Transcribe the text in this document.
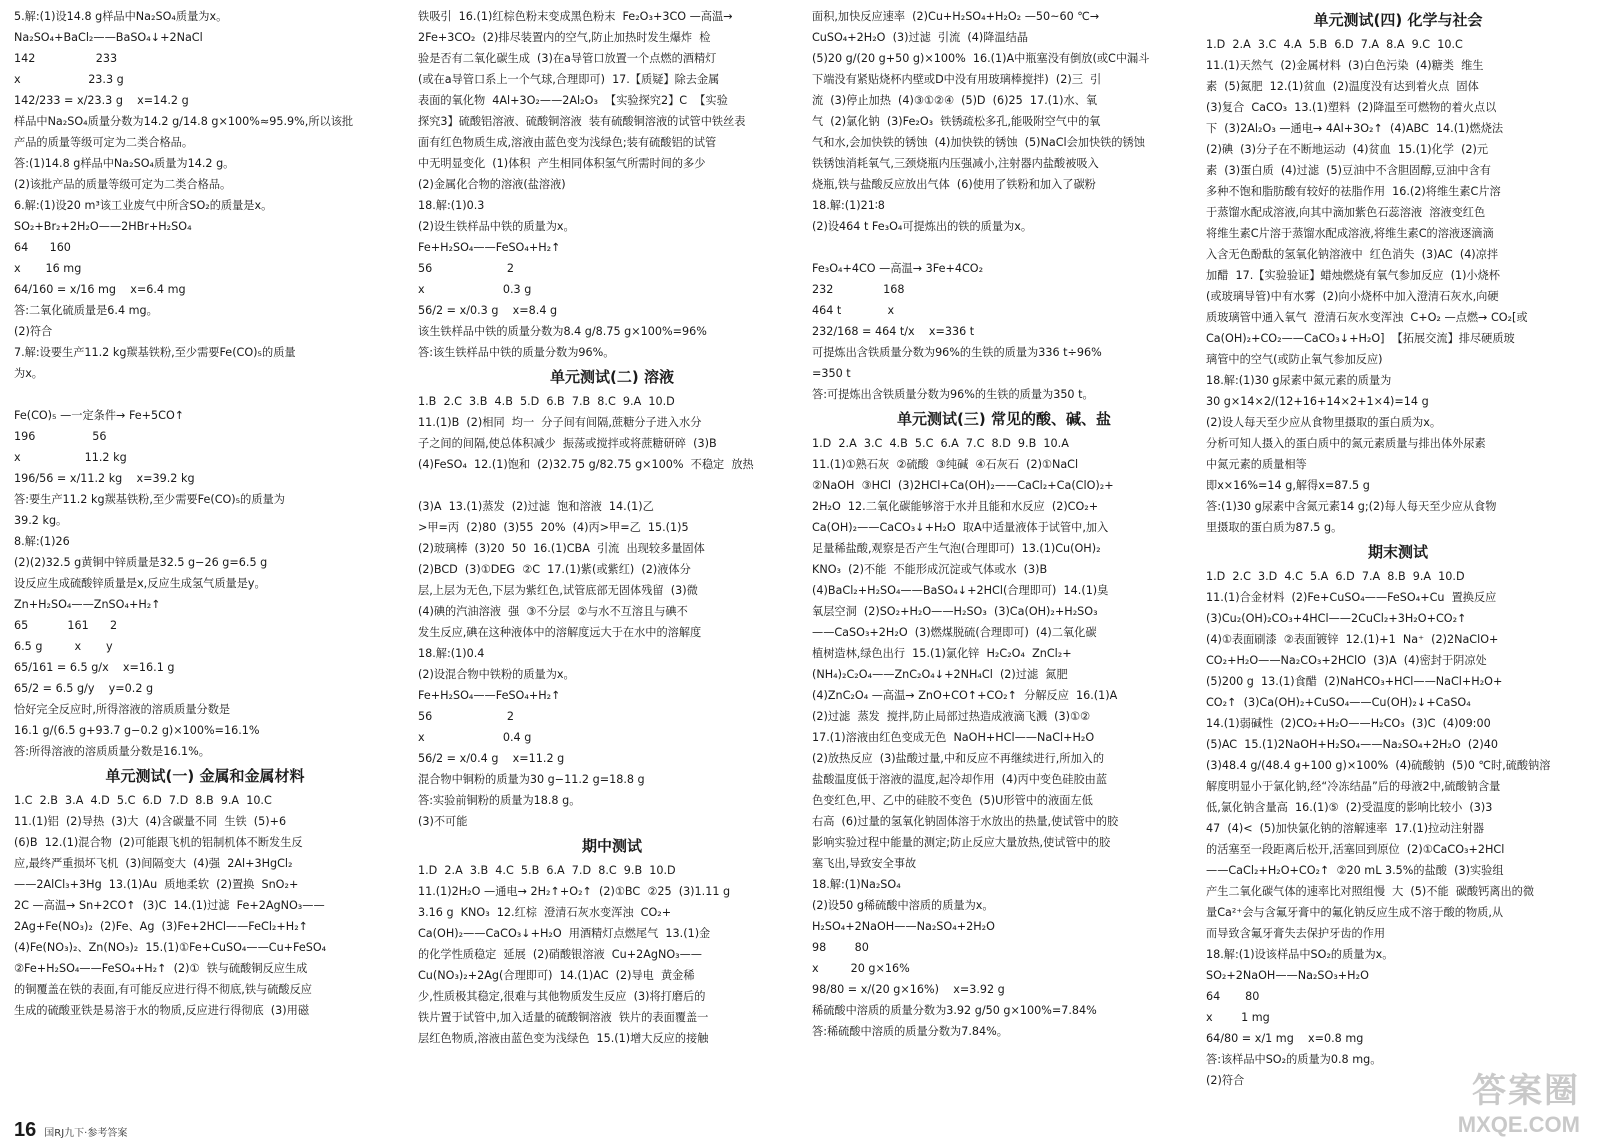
5.解:(1)设14.8 g样品中Na₂SO₄质量为x。
Na₂SO₄+BaCl₂——BaSO₄↓+2NaCl
142                 233
x                   23.3 g
142/233 = x/23.3 g    x=14.2 g
样品中Na₂SO₄质量分数为14.2 g/14.8 g×100%≈95.9%,所以该批
产品的质量等级可定为二类合格品。
答:(1)14.8 g样品中Na₂SO₄质量为14.2 g。
(2)该批产品的质量等级可定为二类合格品。
6.解:(1)设20 m³该工业废气中所含SO₂的质量是x。
SO₂+Br₂+2H₂O——2HBr+H₂SO₄
64      160
x       16 mg
64/160 = x/16 mg    x=6.4 mg
答:二氧化硫质量是6.4 mg。
(2)符合
7.解:设要生产11.2 kg羰基铁粉,至少需要Fe(CO)₅的质量
为x。

Fe(CO)₅ —一定条件→ Fe+5CO↑
196                56
x                  11.2 kg
196/56 = x/11.2 kg    x=39.2 kg
答:要生产11.2 kg羰基铁粉,至少需要Fe(CO)₅的质量为
39.2 kg。
8.解:(1)26
(2)(2)32.5 g黄铜中锌质量是32.5 g−26 g=6.5 g
设反应生成硫酸锌质量是x,反应生成氢气质量是y。
Zn+H₂SO₄——ZnSO₄+H₂↑
65           161      2
6.5 g         x       y
65/161 = 6.5 g/x    x=16.1 g
65/2 = 6.5 g/y    y=0.2 g
恰好完全反应时,所得溶液的溶质质量分数是
16.1 g/(6.5 g+93.7 g−0.2 g)×100%=16.1%
答:所得溶液的溶质质量分数是16.1%。
单元测试(一) 金属和金属材料
1.C  2.B  3.A  4.D  5.C  6.D  7.D  8.B  9.A  10.C
11.(1)铝  (2)导热  (3)大  (4)含碳量不同  生铁  (5)+6
(6)B  12.(1)混合物  (2)可能跟飞机的铝制机体不断发生反
应,最终严重损坏飞机  (3)间隔变大  (4)强  2Al+3HgCl₂
——2AlCl₃+3Hg  13.(1)Au  质地柔软  (2)置换  SnO₂+
2C —高温→ Sn+2CO↑  (3)C  14.(1)过滤  Fe+2AgNO₃——
2Ag+Fe(NO₃)₂  (2)Fe、Ag  (3)Fe+2HCl——FeCl₂+H₂↑
(4)Fe(NO₃)₂、Zn(NO₃)₂  15.(1)①Fe+CuSO₄——Cu+FeSO₄
②Fe+H₂SO₄——FeSO₄+H₂↑  (2)①  铁与硫酸铜反应生成
的铜覆盖在铁的表面,有可能反应进行得不彻底,铁与硫酸反应
生成的硫酸亚铁是易溶于水的物质,反应进行得彻底  (3)用磁
铁吸引  16.(1)红棕色粉末变成黑色粉末  Fe₂O₃+3CO —高温→
2Fe+3CO₂  (2)排尽装置内的空气,防止加热时发生爆炸  检
验是否有二氧化碳生成  (3)在a导管口放置一个点燃的酒精灯
(或在a导管口系上一个气球,合理即可)  17.【质疑】除去金属
表面的氧化物  4Al+3O₂——2Al₂O₃  【实验探究2】C  【实验
探究3】硫酸铝溶液、硫酸铜溶液  装有硫酸铜溶液的试管中铁丝表
面有红色物质生成,溶液由蓝色变为浅绿色;装有硫酸铝的试管
中无明显变化  (1)体积  产生相同体积氢气所需时间的多少
(2)金属化合物的溶液(盐溶液)
18.解:(1)0.3
(2)设生铁样品中铁的质量为x。
Fe+H₂SO₄——FeSO₄+H₂↑
56                     2
x                      0.3 g
56/2 = x/0.3 g    x=8.4 g
该生铁样品中铁的质量分数为8.4 g/8.75 g×100%=96%
答:该生铁样品中铁的质量分数为96%。
单元测试(二) 溶液
1.B  2.C  3.B  4.B  5.D  6.B  7.B  8.C  9.A  10.D
11.(1)B  (2)相同  均一  分子间有间隔,蔗糖分子进入水分
子之间的间隔,使总体积减少  振荡或搅拌或将蔗糖研碎  (3)B
(4)FeSO₄  12.(1)饱和  (2)32.75 g/82.75 g×100%  不稳定  放热

(3)A  13.(1)蒸发  (2)过滤  饱和溶液  14.(1)乙
>甲=丙  (2)80  (3)55  20%  (4)丙>甲=乙  15.(1)5
(2)玻璃棒  (3)20  50  16.(1)CBA  引流  出现较多量固体
(2)BCD  (3)①DEG  ②C  17.(1)紫(或紫红)  (2)液体分
层,上层为无色,下层为紫红色,试管底部无固体残留  (3)微
(4)碘的汽油溶液  强  ③不分层  ②与水不互溶且与碘不
发生反应,碘在这种液体中的溶解度远大于在水中的溶解度
18.解:(1)0.4
(2)设混合物中铁粉的质量为x。
Fe+H₂SO₄——FeSO₄+H₂↑
56                     2
x                      0.4 g
56/2 = x/0.4 g    x=11.2 g
混合物中铜粉的质量为30 g−11.2 g=18.8 g
答:实验前铜粉的质量为18.8 g。
(3)不可能
期中测试
1.D  2.A  3.B  4.C  5.B  6.A  7.D  8.C  9.B  10.D
11.(1)2H₂O —通电→ 2H₂↑+O₂↑  (2)①BC  ②25  (3)1.11 g
3.16 g  KNO₃  12.红棕  澄清石灰水变浑浊  CO₂+
Ca(OH)₂——CaCO₃↓+H₂O  用酒精灯点燃尾气  13.(1)金
的化学性质稳定  延展  (2)硝酸银溶液  Cu+2AgNO₃——
Cu(NO₃)₂+2Ag(合理即可)  14.(1)AC  (2)导电  黄金稀
少,性质极其稳定,很难与其他物质发生反应  (3)将打磨后的
铁片置于试管中,加入适量的硫酸铜溶液  铁片的表面覆盖一
层红色物质,溶液由蓝色变为浅绿色  15.(1)增大反应的接触
面积,加快反应速率  (2)Cu+H₂SO₄+H₂O₂ —50~60 ℃→
CuSO₄+2H₂O  (3)过滤  引流  (4)降温结晶
(5)20 g/(20 g+50 g)×100%  16.(1)A中瓶塞没有倒放(或C中漏斗
下端没有紧贴烧杯内壁或D中没有用玻璃棒搅拌)  (2)三  引
流  (3)停止加热  (4)③①②④  (5)D  (6)25  17.(1)水、氧
气  (2)氯化钠  (3)Fe₂O₃  铁锈疏松多孔,能吸附空气中的氧
气和水,会加快铁的锈蚀  (4)加快铁的锈蚀  (5)NaCl会加快铁的锈蚀
铁锈蚀消耗氧气,三颈烧瓶内压强减小,注射器内盐酸被吸入
烧瓶,铁与盐酸反应放出气体  (6)使用了铁粉和加入了碳粉
18.解:(1)21∶8
(2)设464 t Fe₃O₄可提炼出的铁的质量为x。

Fe₃O₄+4CO —高温→ 3Fe+4CO₂
232              168
464 t             x
232/168 = 464 t/x    x=336 t
可提炼出含铁质量分数为96%的生铁的质量为336 t÷96%
=350 t
答:可提炼出含铁质量分数为96%的生铁的质量为350 t。
单元测试(三) 常见的酸、碱、盐
1.D  2.A  3.C  4.B  5.C  6.A  7.C  8.D  9.B  10.A
11.(1)①熟石灰  ②硫酸  ③纯碱  ④石灰石  (2)①NaCl
②NaOH  ③HCl  (3)2HCl+Ca(OH)₂——CaCl₂+Ca(ClO)₂+
2H₂O  12.二氧化碳能够溶于水并且能和水反应  (2)CO₂+
Ca(OH)₂——CaCO₃↓+H₂O  取A中适量液体于试管中,加入
足量稀盐酸,观察是否产生气泡(合理即可)  13.(1)Cu(OH)₂
KNO₃  (2)不能  不能形成沉淀或气体或水  (3)B
(4)BaCl₂+H₂SO₄——BaSO₄↓+2HCl(合理即可)  14.(1)臭
氧层空洞  (2)SO₂+H₂O——H₂SO₃  (3)Ca(OH)₂+H₂SO₃
——CaSO₃+2H₂O  (3)燃煤脱硫(合理即可)  (4)二氧化碳
植树造林,绿色出行  15.(1)氯化锌  H₂C₂O₄  ZnCl₂+
(NH₄)₂C₂O₄——ZnC₂O₄↓+2NH₄Cl  (2)过滤  氮肥
(4)ZnC₂O₄ —高温→ ZnO+CO↑+CO₂↑  分解反应  16.(1)A
(2)过滤  蒸发  搅拌,防止局部过热造成液滴飞溅  (3)①②
17.(1)溶液由红色变成无色  NaOH+HCl——NaCl+H₂O
(2)放热反应  (3)盐酸过量,中和反应不再继续进行,所加入的
盐酸温度低于溶液的温度,起冷却作用  (4)丙中变色硅胶由蓝
色变红色,甲、乙中的硅胶不变色  (5)U形管中的液面左低
右高  (6)过量的氢氧化钠固体溶于水放出的热量,使试管中的胶
影响实验过程中能量的测定;防止反应大量放热,使试管中的胶
塞飞出,导致安全事故
18.解:(1)Na₂SO₄
(2)设50 g稀硫酸中溶质的质量为x。
H₂SO₄+2NaOH——Na₂SO₄+2H₂O
98        80
x         20 g×16%
98/80 = x/(20 g×16%)    x=3.92 g
稀硫酸中溶质的质量分数为3.92 g/50 g×100%=7.84%
答:稀硫酸中溶质的质量分数为7.84%。
单元测试(四) 化学与社会
1.D  2.A  3.C  4.A  5.B  6.D  7.A  8.A  9.C  10.C
11.(1)天然气  (2)金属材料  (3)白色污染  (4)糖类  维生
素  (5)氮肥  12.(1)贫血  (2)温度没有达到着火点  固体
(3)复合  CaCO₃  13.(1)塑料  (2)降温至可燃物的着火点以
下  (3)2Al₂O₃ —通电→ 4Al+3O₂↑  (4)ABC  14.(1)燃烧法
(2)碘  (3)分子在不断地运动  (4)贫血  15.(1)化学  (2)元
素  (3)蛋白质  (4)过滤  (5)豆油中不含胆固醇,豆油中含有
多种不饱和脂肪酸有较好的祛脂作用  16.(2)将维生素C片溶
于蒸馏水配成溶液,向其中滴加紫色石蕊溶液  溶液变红色
将维生素C片溶于蒸馏水配成溶液,将维生素C的溶液逐滴滴
入含无色酚酞的氢氧化钠溶液中  红色消失  (3)AC  (4)凉拌
加醋  17.【实验验证】蜡烛燃烧有氧气参加反应  (1)小烧杯
(或玻璃导管)中有水雾  (2)向小烧杯中加入澄清石灰水,向硬
质玻璃管中通入氧气  澄清石灰水变浑浊  C+O₂ —点燃→ CO₂[或
Ca(OH)₂+CO₂——CaCO₃↓+H₂O]  【拓展交流】排尽硬质玻
璃管中的空气(或防止氧气参加反应)
18.解:(1)30 g尿素中氮元素的质量为
30 g×14×2/(12+16+14×2+1×4)=14 g
(2)设人每天至少应从食物里摄取的蛋白质为x。
分析可知人摄入的蛋白质中的氮元素质量与排出体外尿素
中氮元素的质量相等
即x×16%=14 g,解得x=87.5 g
答:(1)30 g尿素中含氮元素14 g;(2)每人每天至少应从食物
里摄取的蛋白质为87.5 g。
期末测试
1.D  2.C  3.D  4.C  5.A  6.D  7.A  8.B  9.A  10.D
11.(1)合金材料  (2)Fe+CuSO₄——FeSO₄+Cu  置换反应
(3)Cu₂(OH)₂CO₃+4HCl——2CuCl₂+3H₂O+CO₂↑
(4)①表面刷漆  ②表面镀锌  12.(1)+1  Na⁺  (2)2NaClO+
CO₂+H₂O——Na₂CO₃+2HClO  (3)A  (4)密封于阴凉处
(5)200 g  13.(1)食醋  (2)NaHCO₃+HCl——NaCl+H₂O+
CO₂↑  (3)Ca(OH)₂+CuSO₄——Cu(OH)₂↓+CaSO₄
14.(1)弱碱性  (2)CO₂+H₂O——H₂CO₃  (3)C  (4)09:00
(5)AC  15.(1)2NaOH+H₂SO₄——Na₂SO₄+2H₂O  (2)40
(3)48.4 g/(48.4 g+100 g)×100%  (4)硫酸钠  (5)0 ℃时,硫酸钠溶
解度明显小于氯化钠,经“冷冻结晶”后的母液2中,硫酸钠含量
低,氯化钠含量高  16.(1)⑤  (2)受温度的影响比较小  (3)3
47  (4)<  (5)加快氯化钠的溶解速率  17.(1)拉动注射器
的活塞至一段距离后松开,活塞回到原位  (2)①CaCO₃+2HCl
——CaCl₂+H₂O+CO₂↑  ②20 mL 3.5%的盐酸  (3)实验组
产生二氧化碳气体的速率比对照组慢  大  (5)不能  碳酸钙离出的微
量Ca²⁺会与含氟牙膏中的氟化钠反应生成不溶于酸的物质,从
而导致含氟牙膏失去保护牙齿的作用
18.解:(1)设该样品中SO₂的质量为x。
SO₂+2NaOH——Na₂SO₃+H₂O
64       80
x        1 mg
64/80 = x/1 mg    x=0.8 mg
答:该样品中SO₂的质量为0.8 mg。
(2)符合
16 国RJ九下·参考答案
答案圈
MXQE.COM
